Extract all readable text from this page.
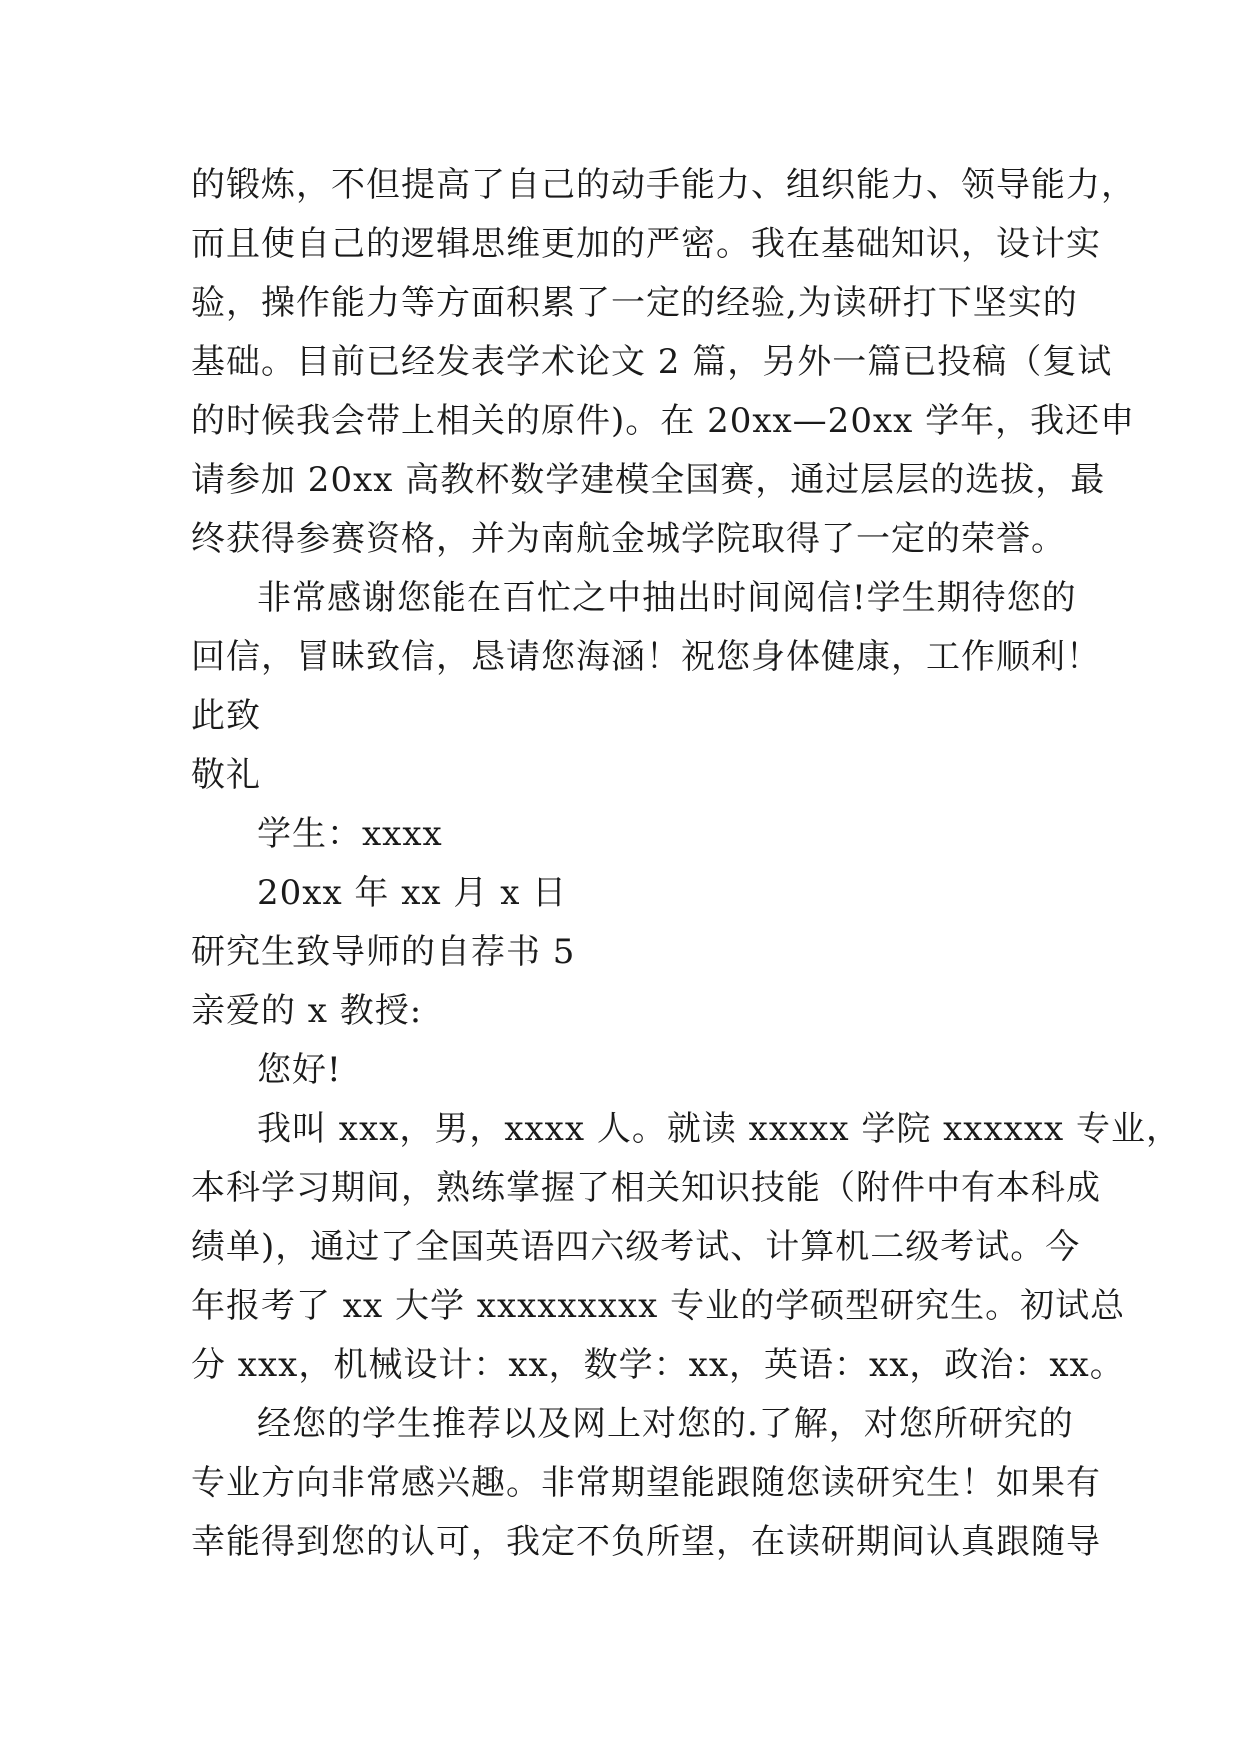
的锻炼，不但提高了自己的动手能力、组织能力、领导能力，
而且使自己的逻辑思维更加的严密。我在基础知识，设计实
验，操作能力等方面积累了一定的经验,为读研打下坚实的
基础。目前已经发表学术论文 2 篇，另外一篇已投稿（复试
的时候我会带上相关的原件)。在 20xx—20xx 学年，我还申
请参加 20xx 高教杯数学建模全国赛，通过层层的选拔，最
终获得参赛资格，并为南航金城学院取得了一定的荣誉。
非常感谢您能在百忙之中抽出时间阅信!学生期待您的
回信，冒昧致信，恳请您海涵！祝您身体健康，工作顺利！
此致
敬礼
学生：xxxx
20xx 年 xx 月 x 日
研究生致导师的自荐书 5
亲爱的 x 教授:
您好!
我叫 xxx，男，xxxx 人。就读 xxxxx 学院 xxxxxx 专业，
本科学习期间，熟练掌握了相关知识技能（附件中有本科成
绩单)，通过了全国英语四六级考试、计算机二级考试。今
年报考了 xx 大学 xxxxxxxxx 专业的学硕型研究生。初试总
分 xxx，机械设计：xx，数学：xx，英语：xx，政治：xx。
经您的学生推荐以及网上对您的.了解，对您所研究的
专业方向非常感兴趣。非常期望能跟随您读研究生！如果有
幸能得到您的认可，我定不负所望，在读研期间认真跟随导
